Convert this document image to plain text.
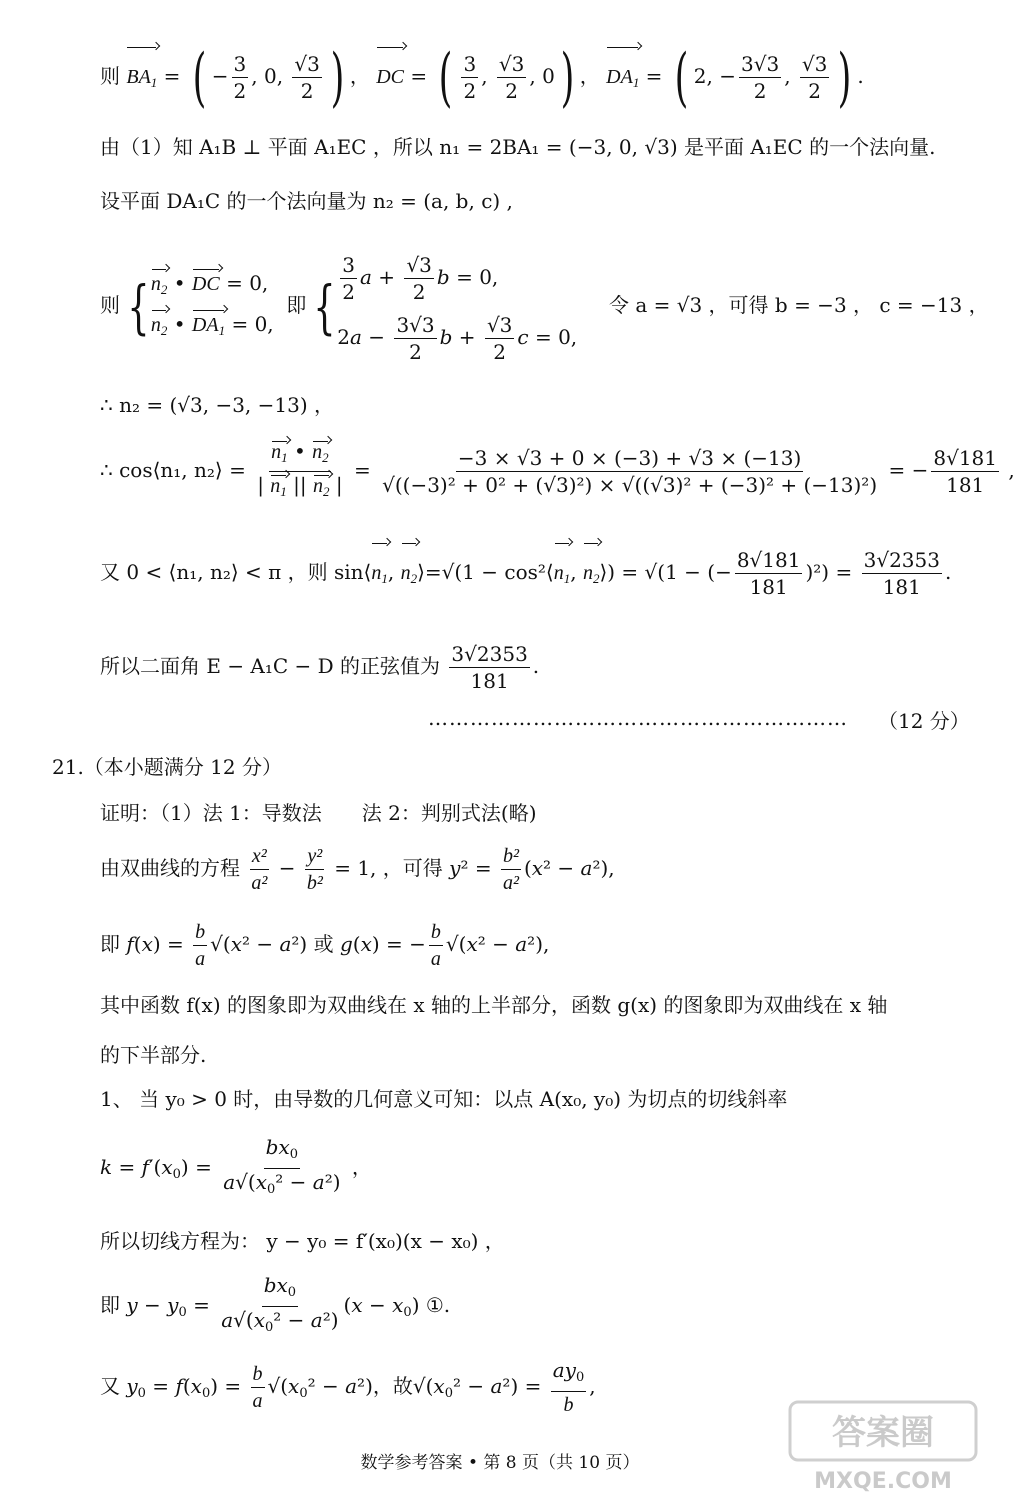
则 $BA_1$ = ( − $\frac{3}{2}$ , 0, $\frac{√3}{2}$ ) ， DC = ( $\frac{3}{2}$ , $\frac{√3}{2}$ , 0) ， $DA_1$ = ( 2, − $\frac{3√3}{2}$ , $\frac{√3}{2}$ ) .
由（1）知 A₁B ⊥ 平面 A₁EC ，所以 n₁ = 2BA₁ = (−3, 0, √3) 是平面 A₁EC 的一个法向量.
设平面 DA₁C 的一个法向量为 n₂ = (a, b, c) ,
则 { $n_2$ • DC = 0,
$n_2$ • $DA_1 = 0$,
即 { $\frac{3}{2}$ $a + \frac{√3}{2}$ b = 0,
$2a - \frac{3√3}{2}$ $b + \frac{√3}{2}$ c = 0,
令 a = √3 ，可得 b = −3 ， c = −13 ，
∴ n₂ = (√3, −3, −13) ，
∴ cos⟨n₁, n₂⟩ = $\frac{n_1 • n_2}{| n_1 || n_2 |} = \frac{-3 \times √3 + 0 \times (-3) + √3 \times (-13)}{\text{√((−3)² + 0² + (√3)²) × √((√3)² + (−3)² + (−13)²)}}$ = − $\frac{8√181}{181}$ ,
又 0 < ⟨n₁, n₂⟩ < π ，则 $\sin⟨n_1$, $n_2⟩=√(1$ − $\cos^2⟨n_1$, $n_2⟩) = √(1$ − (− $\frac{8√181}{181} )^2) = \frac{3√2353}{181}$ .
所以二面角 E − A₁C − D 的正弦值为 $\frac{3√2353}{181}$ .
…………………………………………………… （12 分）
21.（本小题满分 12 分）
证明：（1）法 1：导数法　　法 2：判别式法(略)
由双曲线的方程 $\frac{\text{x²}}{\text{a²}} - \frac{\text{y²}}{\text{b²}} = 1$, ，可得 $y^2 = \frac{\text{b²}}{\text{a²}} (x^2 - a^2)$,
即 $f(x) = \frac{b}{a} √(x^2 - a^2)$ 或 g(x) = − $\frac{b}{a} √(x^2 - a^2)$,
其中函数 f(x) 的图象即为双曲线在 x 轴的上半部分，函数 g(x) 的图象即为双曲线在 x 轴
的下半部分.
1、 当 y₀ > 0 时，由导数的几何意义可知：以点 A(x₀, y₀) 为切点的切线斜率
$k = f'(x_0) = \frac{bx_0}{a√(x_0^2 - a^2)}$ ，
所以切线方程为： y − y₀ = f′(x₀)(x − x₀) ，
即 $y - y_0 = \frac{bx_0}{a√(x_0^2 - a^2)} (x - x_0)$ ①.
又 $y_0 = f(x_0) = \frac{b}{a} √(x_0^2 - a^2)$，故$√(x_0^2 - a^2) = \frac{ay_0}{b}$ ,
数学参考答案 • 第 8 页（共 10 页）
答案圈
MXQE.COM
